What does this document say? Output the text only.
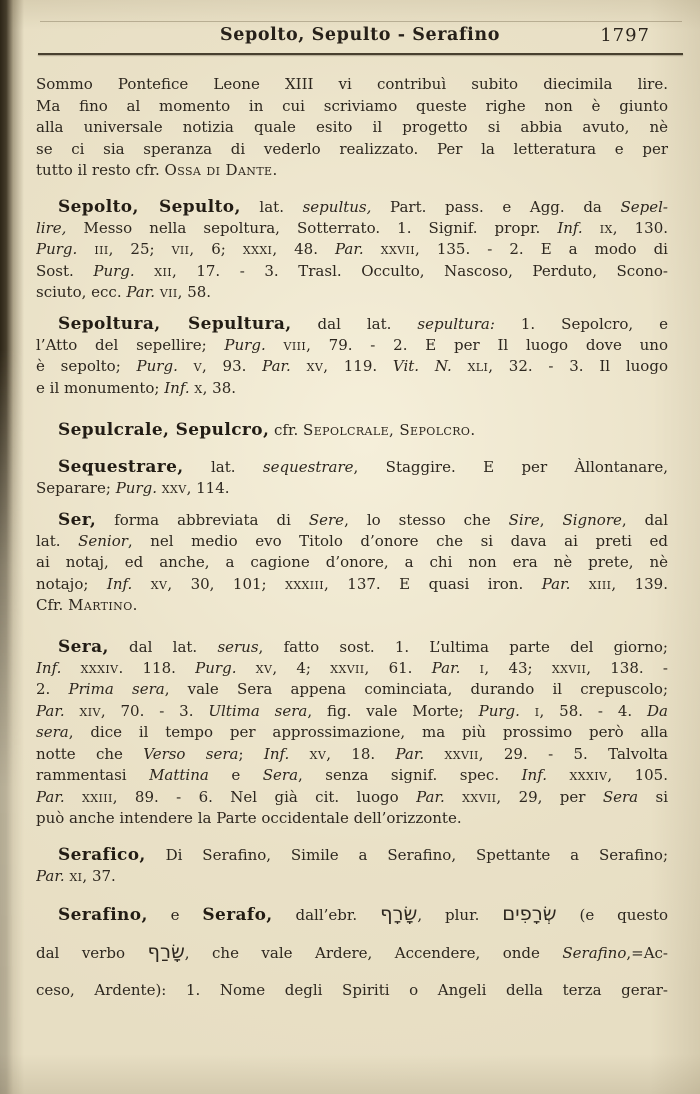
Sepolto, Sepulto - Serafino	1797
Sommo Pontefice Leone XIII vi contribuì subito diecimila lire.
Ma fino al momento in cui scriviamo queste righe non è giunto
alla universale notizia quale esito il progetto si abbia avuto, nè
se ci sia speranza di vederlo realizzato. Per la letteratura e per
tutto il resto cfr. Ossa di Dante.
Sepolto, Sepulto, lat. sepultus, Part. pass. e Agg. da Sepel-
lire, Messo nella sepoltura, Sotterrato. 1. Signif. propr. Inf. ix, 130.
Purg. iii, 25; vii, 6; xxxi, 48. Par. xxvii, 135. - 2. E a modo di
Sost. Purg. xii, 17. - 3. Trasl. Occulto, Nascoso, Perduto, Scono-
sciuto, ecc. Par. vii, 58.
Sepoltura, Sepultura, dal lat. sepultura: 1. Sepolcro, e
l’Atto del sepellire; Purg. viii, 79. - 2. E per Il luogo dove uno
è sepolto; Purg. v, 93. Par. xv, 119. Vit. N. xli, 32. - 3. Il luogo
e il monumento; Inf. x, 38.
Sepulcrale, Sepulcro, cfr. Sepolcrale, Sepolcro.
Sequestrare, lat. sequestrare, Staggire. E per Àllontanare,
Separare; Purg. xxv, 114.
Ser, forma abbreviata di Sere, lo stesso che Sire, Signore, dal
lat. Senior, nel medio evo Titolo d’onore che si dava ai preti ed
ai notaj, ed anche, a cagione d’onore, a chi non era nè prete, nè
notajo; Inf. xv, 30, 101; xxxiii, 137. E quasi iron. Par. xiii, 139.
Cfr. Martino.
Sera, dal lat. serus, fatto sost. 1. L’ultima parte del giorno;
Inf. xxxiv. 118. Purg. xv, 4; xxvii, 61. Par. i, 43; xxvii, 138. -
2. Prima sera, vale Sera appena cominciata, durando il crepuscolo;
Par. xiv, 70. - 3. Ultima sera, fig. vale Morte; Purg. i, 58. - 4. Da
sera, dice il tempo per approssimazione, ma più prossimo però alla
notte che Verso sera; Inf. xv, 18. Par. xxvii, 29. - 5. Talvolta
rammentasi Mattina e Sera, senza signif. spec. Inf. xxxiv, 105.
Par. xxiii, 89. - 6. Nel già cit. luogo Par. xxvii, 29, per Sera si
può anche intendere la Parte occidentale dell’orizzonte.
Serafico, Di Serafino, Simile a Serafino, Spettante a Serafino;
Par. xi, 37.
Serafino, e Serafo, dall’ebr. שָׂרָף, plur. שְׂרָפִים (e questo
dal verbo שָׂרַף, che vale Ardere, Accendere, onde Serafino,=Ac-
ceso, Ardente): 1. Nome degli Spiriti o Angeli della terza gerar-
